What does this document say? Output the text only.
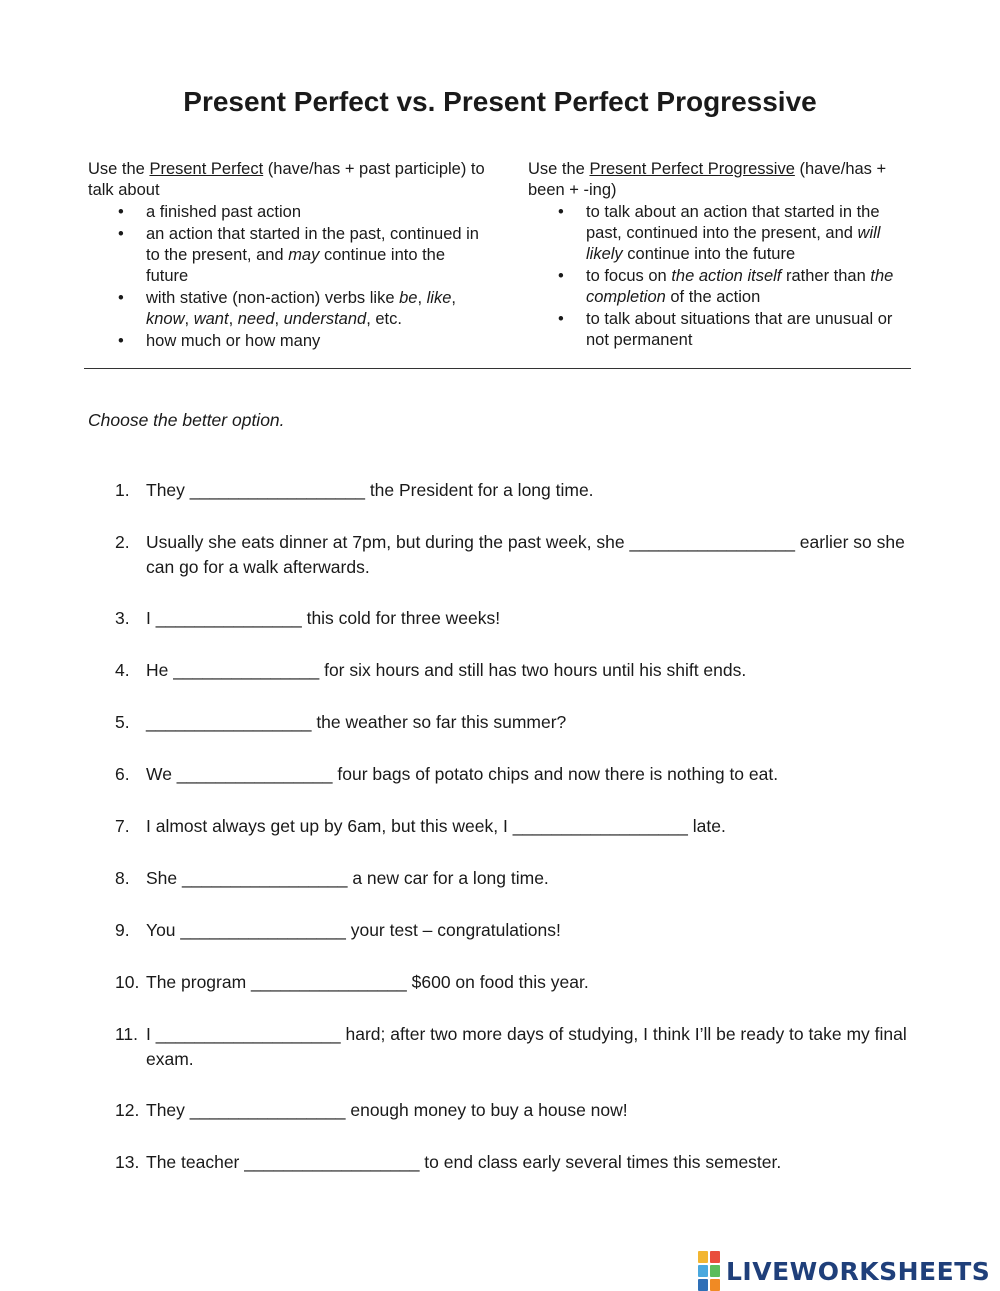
Present Perfect vs. Present Perfect Progressive

Use the Present Perfect (have/has + past participle) to talk about

• a finished past action
• an action that started in the past, continued in to the present, and may continue into the future
• with stative (non-action) verbs like be, like, know, want, need, understand, etc.
• how much or how many

Use the Present Perfect Progressive (have/has + been + -ing)

• to talk about an action that started in the past, continued into the present, and will likely continue into the future
• to focus on the action itself rather than the completion of the action
• to talk about situations that are unusual or not permanent

Choose the better option.

1. They __________________ the President for a long time.
2. Usually she eats dinner at 7pm, but during the past week, she _________________ earlier so she can go for a walk afterwards.
3. I _______________ this cold for three weeks!
4. He _______________ for six hours and still has two hours until his shift ends.
5. _________________ the weather so far this summer?
6. We ________________ four bags of potato chips and now there is nothing to eat.
7. I almost always get up by 6am, but this week, I __________________ late.
8. She _________________ a new car for a long time.
9. You _________________ your test – congratulations!
10. The program ________________ $600 on food this year.
11. I ___________________ hard; after two more days of studying, I think I’ll be ready to take my final exam.
12. They ________________ enough money to buy a house now!
13. The teacher __________________ to end class early several times this semester.
LIVEWORKSHEETS
